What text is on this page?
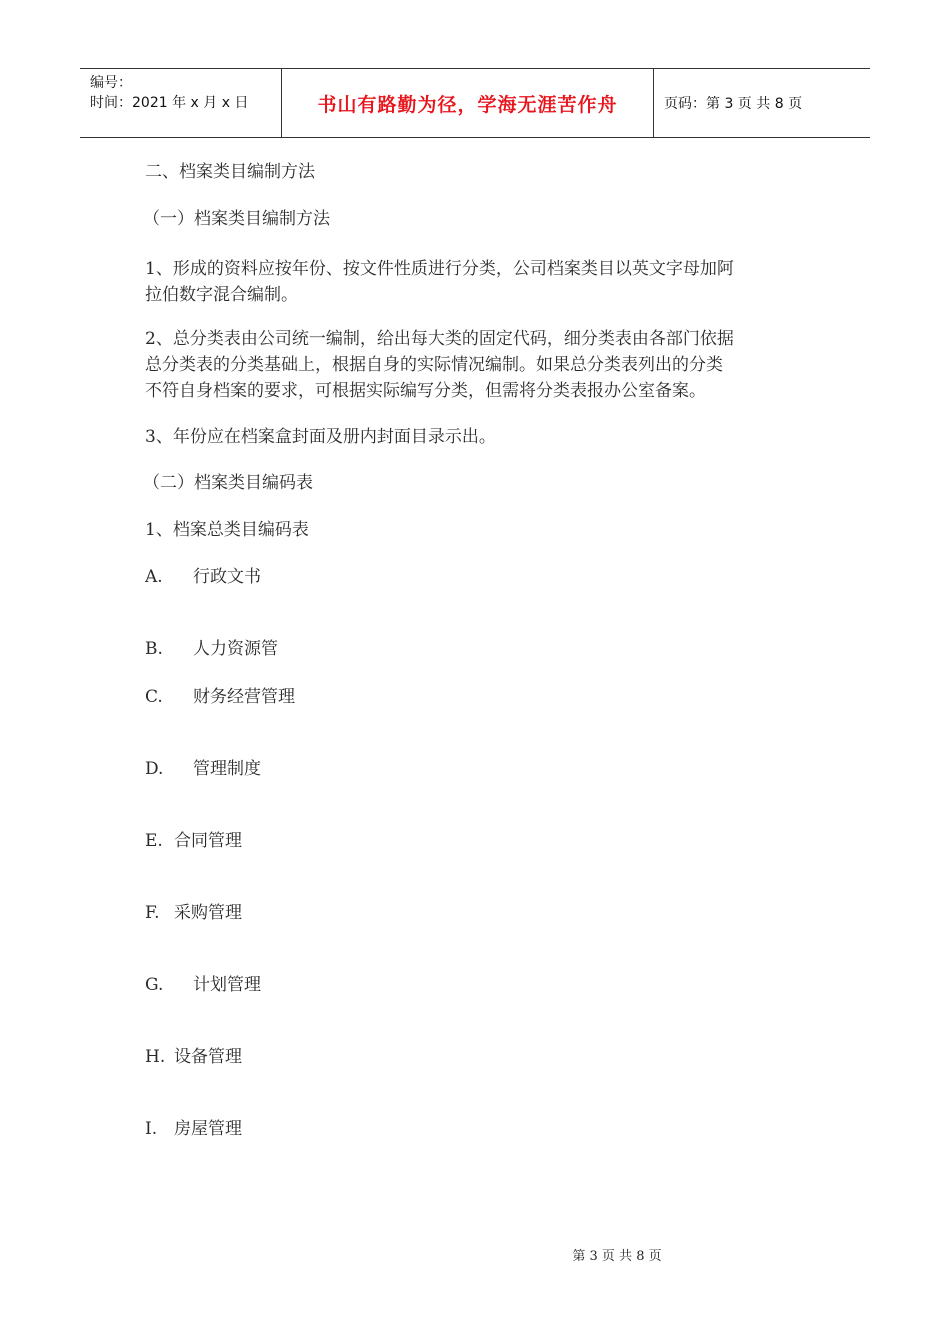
编号：
时间：2021 年 x 月 x 日	书山有路勤为径，学海无涯苦作舟	页码：第 3 页 共 8 页
二、档案类目编制方法
（一）档案类目编制方法
1、形成的资料应按年份、按文件性质进行分类，公司档案类目以英文字母加阿
拉伯数字混合编制。
2、总分类表由公司统一编制，给出每大类的固定代码，细分类表由各部门依据
总分类表的分类基础上，根据自身的实际情况编制。如果总分类表列出的分类
不符自身档案的要求，可根据实际编写分类，但需将分类表报办公室备案。
3、年份应在档案盒封面及册内封面目录示出。
（二）档案类目编码表
1、档案总类目编码表
A. 行政文书
B. 人力资源管
C. 财务经营管理
D. 管理制度
E. 合同管理
F. 采购管理
G. 计划管理
H. 设备管理
I. 房屋管理
第 3 页 共 8 页
